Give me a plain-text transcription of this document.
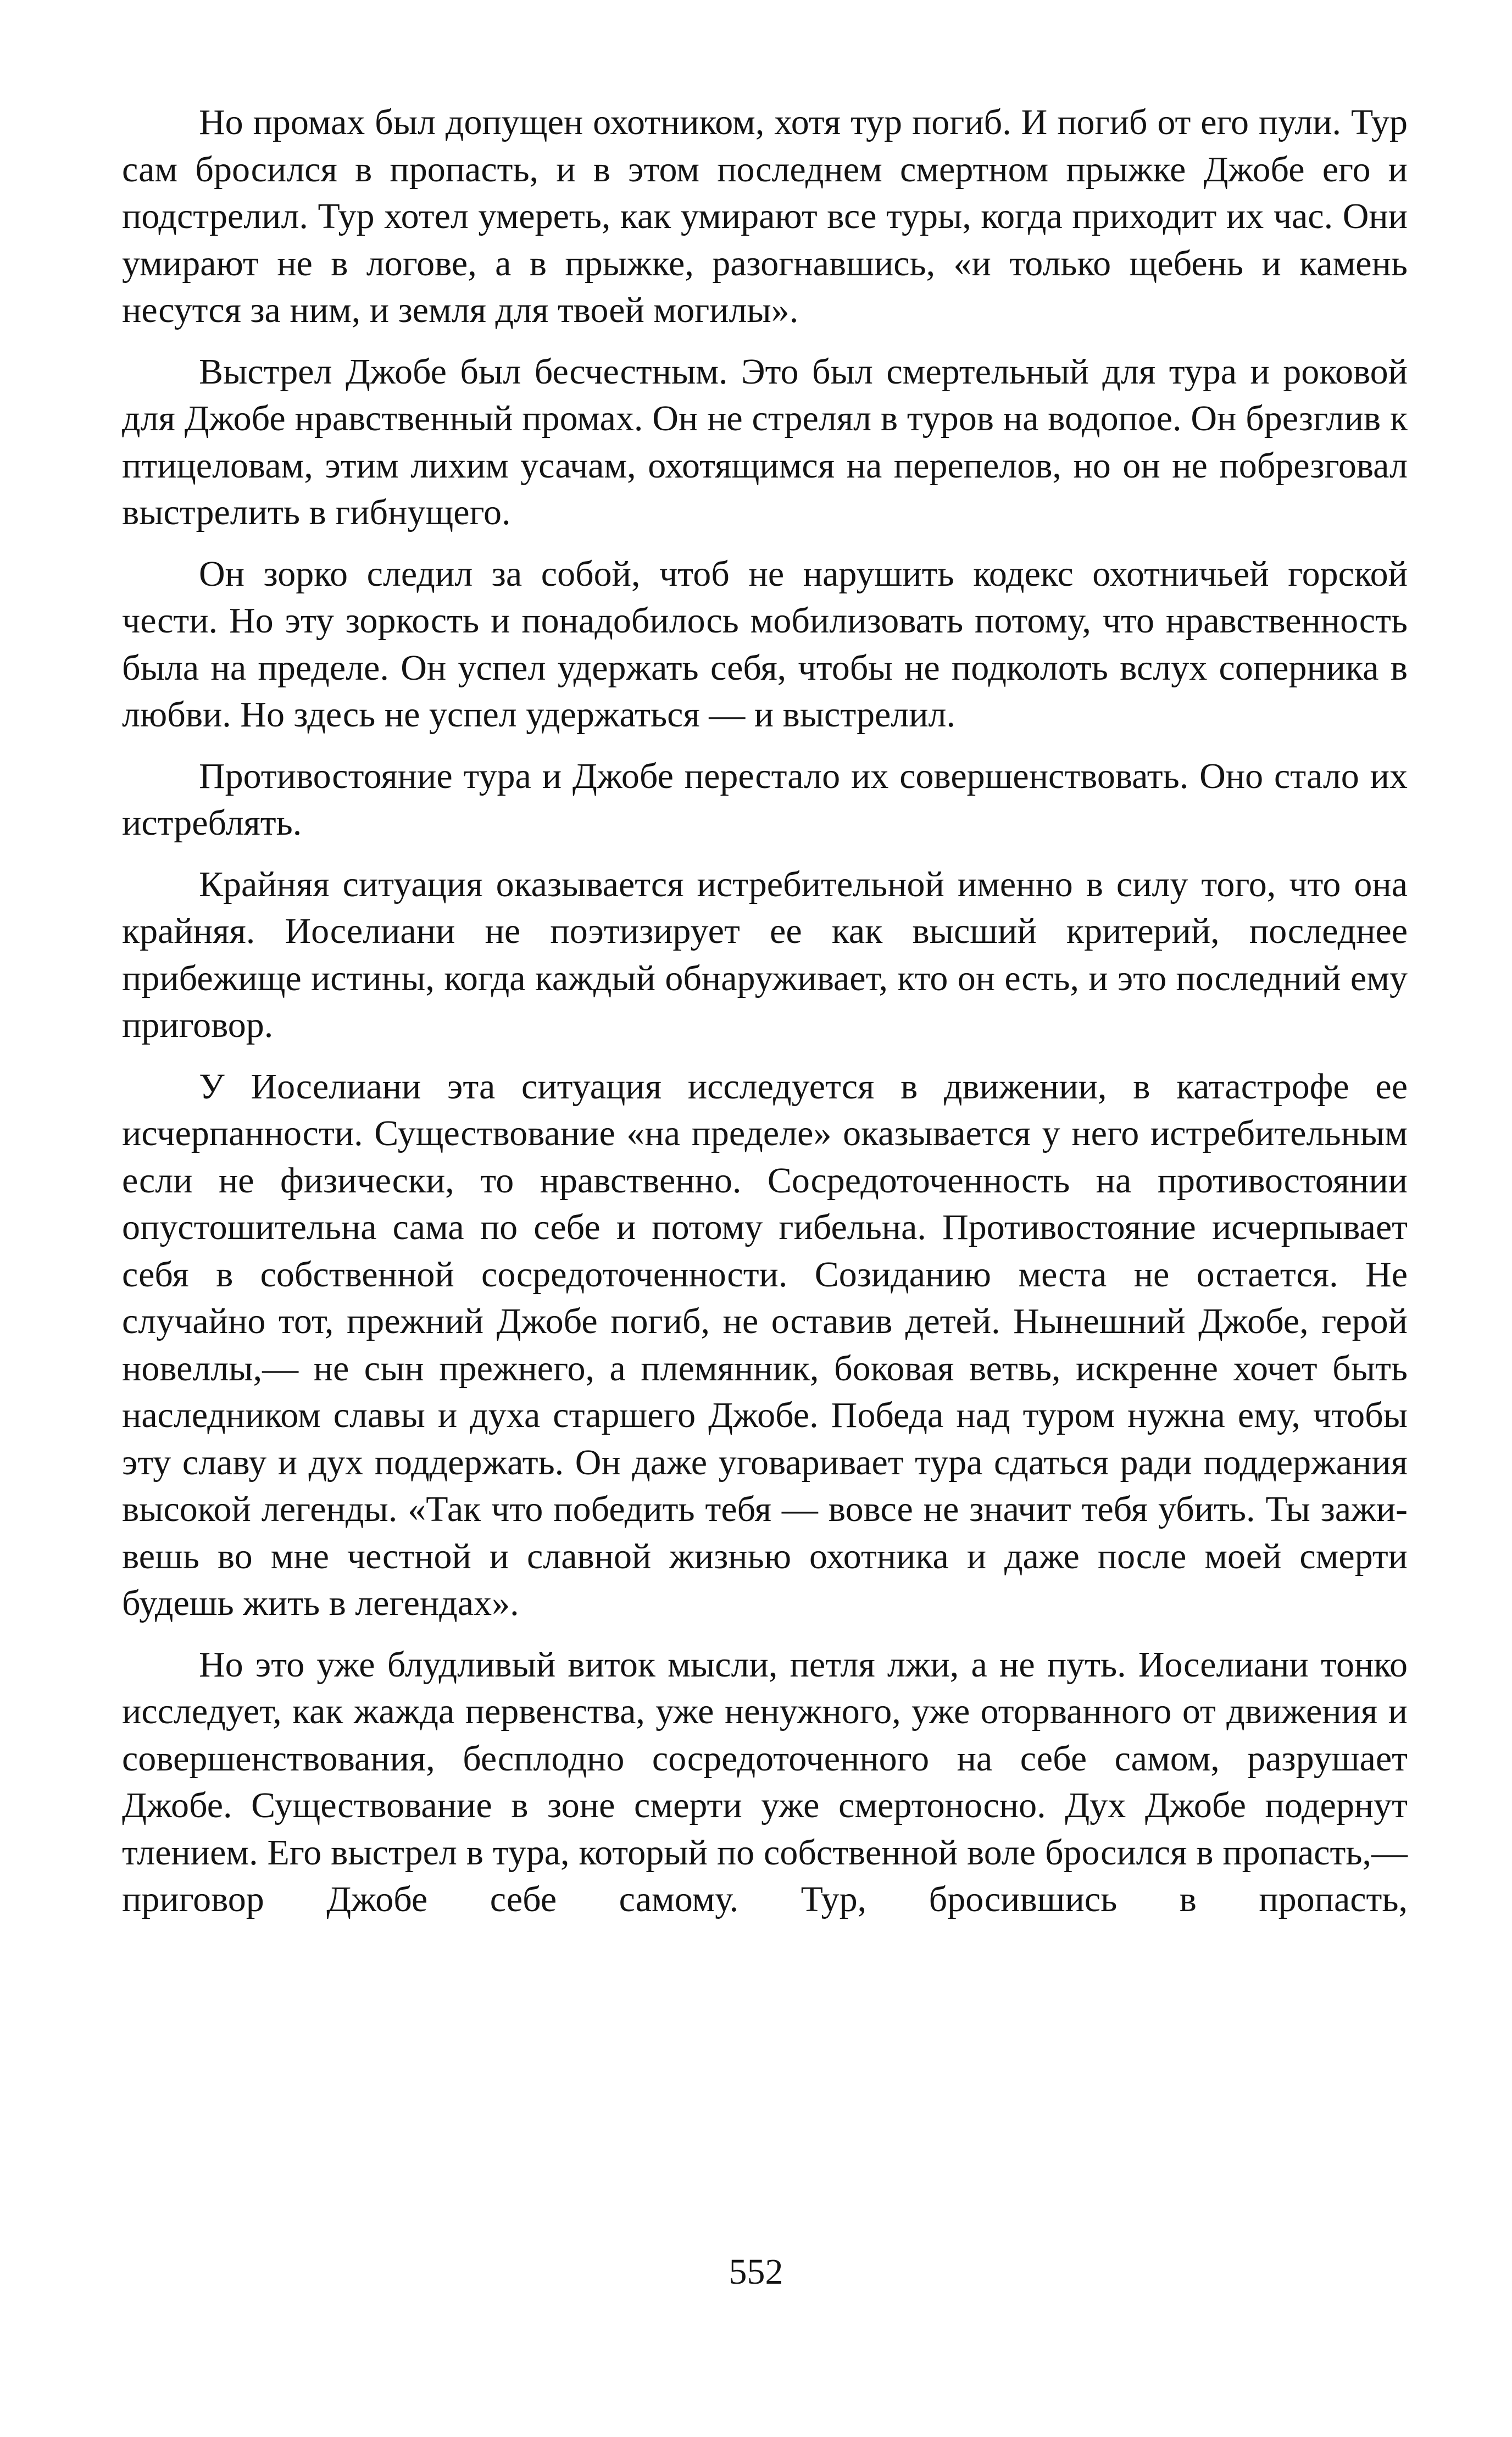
Но промах был допущен охотником, хотя тур погиб. И погиб от его пули. Тур сам бросился в пропасть, и в этом последнем смертном прыжке Джобе его и подстрелил. Тур хотел умереть, как умирают все туры, когда приходит их час. Они умирают не в логове, а в прыжке, разогнавшись, «и только щебень и камень несутся за ним, и земля для твоей могилы».

Выстрел Джобе был бесчестным. Это был смертельный для тура и роковой для Джобе нравственный промах. Он не стрелял в туров на водопое. Он брезглив к птицеловам, этим лихим усачам, охотящимся на перепелов, но он не побрезговал выстрелить в гибнущего.

Он зорко следил за собой, чтоб не нарушить кодекс охотничьей горской чести. Но эту зоркость и понадобилось мобилизовать потому, что нравственность была на пределе. Он успел удержать себя, чтобы не подколоть вслух соперника в любви. Но здесь не успел удержаться — и выстрелил.

Противостояние тура и Джобе перестало их совершенствовать. Оно стало их истреблять.

Крайняя ситуация оказывается истребительной именно в силу того, что она крайняя. Иоселиани не поэтизирует ее как высший критерий, последнее прибежище истины, когда каждый обнаруживает, кто он есть, и это последний ему приговор.

У Иоселиани эта ситуация исследуется в движении, в катастрофе ее исчерпанности. Существование «на пределе» оказывается у него истребительным если не физически, то нравственно. Сосредоточенность на противостоянии опустошительна сама по себе и потому гибельна. Противостояние исчерпывает себя в собственной сосредоточенности. Созиданию места не остается. Не случайно тот, прежний Джобе погиб, не оставив детей. Нынешний Джобе, герой новеллы,— не сын прежнего, а племянник, боковая ветвь, искренне хочет быть наследником славы и духа старшего Джобе. Победа над туром нужна ему, чтобы эту славу и дух поддержать. Он даже уговаривает тура сдаться ради поддержания высокой легенды. «Так что победить тебя — вовсе не значит тебя убить. Ты заживешь во мне честной и славной жизнью охотника и даже после моей смерти будешь жить в легендах».

Но это уже блудливый виток мысли, петля лжи, а не путь. Иоселиани тонко исследует, как жажда первенства, уже ненужного, уже оторванного от движения и совершенствования, бесплодно сосредоточенного на себе самом, разрушает Джобе. Существование в зоне смерти уже смертоносно. Дух Джобе подернут тлением. Его выстрел в тура, который по собственной воле бросился в пропасть,— приговор Джобе себе самому. Тур, бросившись в пропасть,

552
